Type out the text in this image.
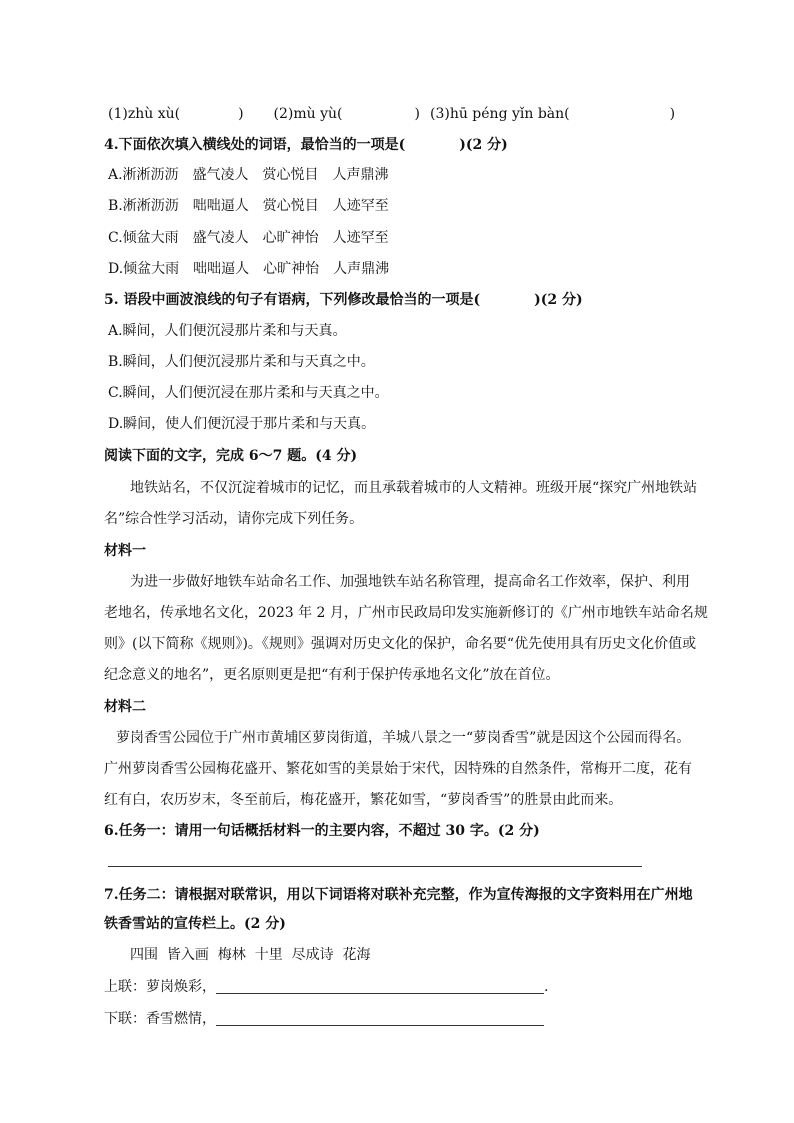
(1)zhù xù(	) (2)mù yù(	) (3)hū péng yǐn bàn(	)
4.下面依次填入横线处的词语，最恰当的一项是(	)(2 分)
A.淅淅沥沥　盛气凌人　赏心悦目　人声鼎沸
B.淅淅沥沥　咄咄逼人　赏心悦目　人迹罕至
C.倾盆大雨　盛气凌人　心旷神怡　人迹罕至
D.倾盆大雨　咄咄逼人　心旷神怡　人声鼎沸
5. 语段中画波浪线的句子有语病，下列修改最恰当的一项是(	)(2 分)
A.瞬间，人们便沉浸那片柔和与天真。
B.瞬间，人们便沉浸那片柔和与天真之中。
C.瞬间，人们便沉浸在那片柔和与天真之中。
D.瞬间，使人们便沉浸于那片柔和与天真。
阅读下面的文字，完成 6～7 题。(4 分)
地铁站名，不仅沉淀着城市的记忆，而且承载着城市的人文精神。班级开展“探究广州地铁站
名”综合性学习活动，请你完成下列任务。
材料一
为进一步做好地铁车站命名工作、加强地铁车站名称管理，提高命名工作效率，保护、利用
老地名，传承地名文化，2023 年 2 月，广州市民政局印发实施新修订的《广州市地铁车站命名规
则》(以下简称《规则》)。《规则》强调对历史文化的保护，命名要“优先使用具有历史文化价值或
纪念意义的地名”，更名原则更是把“有利于保护传承地名文化”放在首位。
材料二
萝岗香雪公园位于广州市黄埔区萝岗街道，羊城八景之一“萝岗香雪”就是因这个公园而得名。
广州萝岗香雪公园梅花盛开、繁花如雪的美景始于宋代，因特殊的自然条件，常梅开二度，花有
红有白，农历岁末，冬至前后，梅花盛开，繁花如雪，“萝岗香雪”的胜景由此而来。
6.任务一：请用一句话概括材料一的主要内容，不超过 30 字。(2 分)
7.任务二：请根据对联常识，用以下词语将对联补充完整，作为宣传海报的文字资料用在广州地
铁香雪站的宣传栏上。(2 分)
四围  皆入画  梅林  十里  尽成诗  花海
上联：萝岗焕彩，	.
下联：香雪燃情，
